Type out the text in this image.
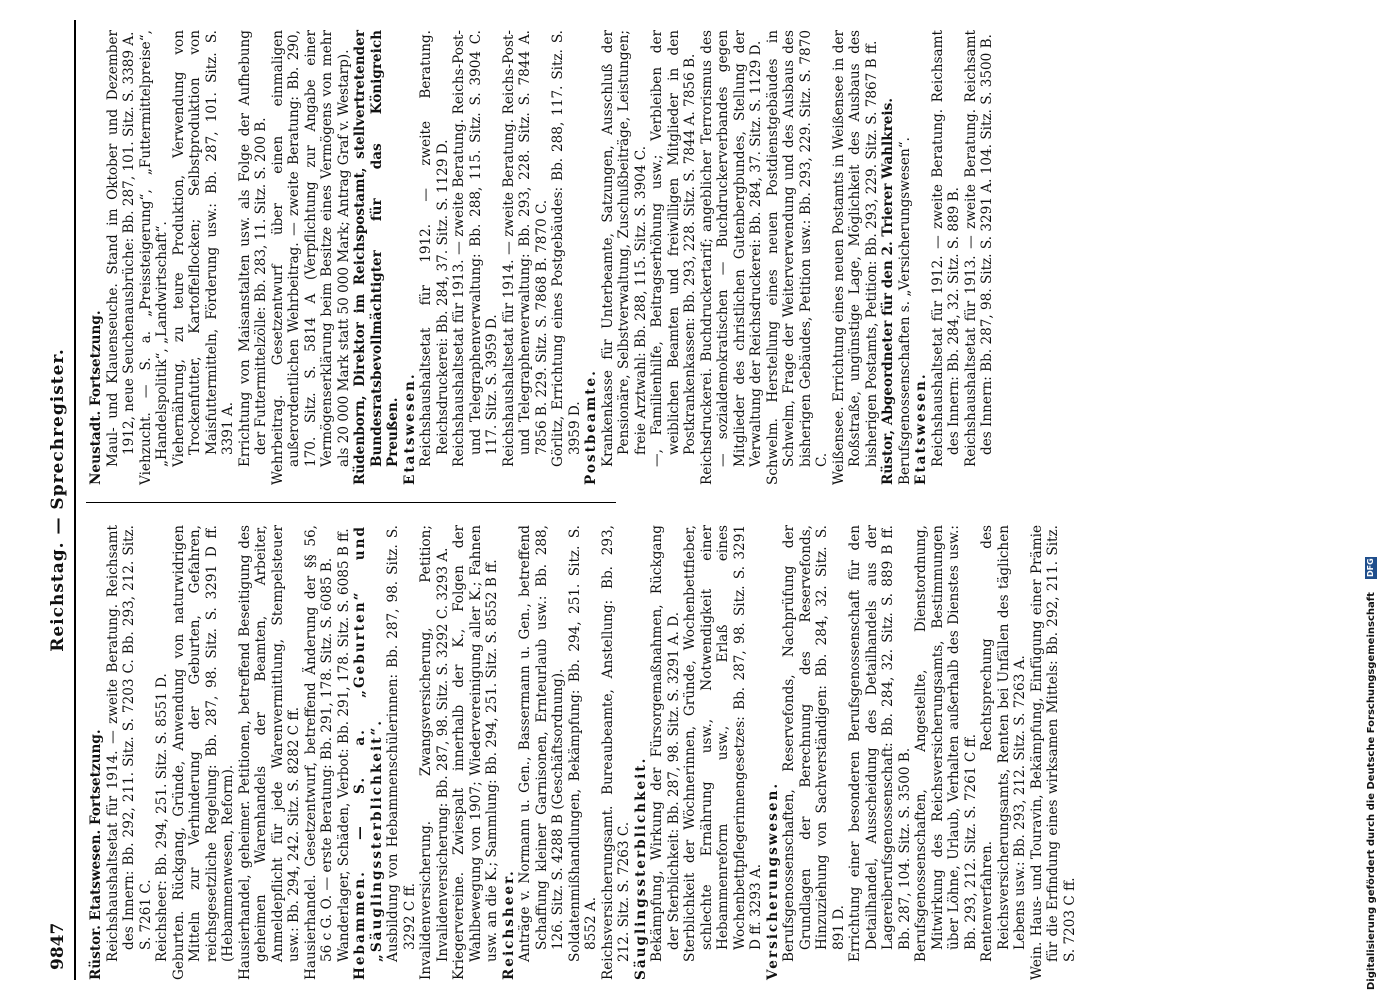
9847
Reichstag. — Sprechregister.
Rüstor. Etatswesen. Fortsetzung. Reichshaushaltsetat für 1914. — zweite Beratung. Reichsamt des Innern: Bb. 292, 211. Sitz. S. 7203 C. Bb. 293, 212. Sitz. S. 7261 C. Reichsheer: Bb. 294, 251. Sitz. S. 8551 D. Geburten. Rückgang, Gründe, Anwendung von naturwidrigen Mitteln zur Verhinderung der Geburten, Gefahren, reichsgesetzliche Regelung: Bb. 287, 98. Sitz. S. 3291 D ff. (Hebammenwesen, Reform). Hausierhandel, geheimer. Petitionen, betreffend Beseitigung des geheimen Warenhandels der Beamten, Arbeiter, Anmeldepflicht für jede Warenvermittlung, Stempelsteuer usw.: Bb. 294, 242. Sitz. S. 8282 C ff. Hausierhandel. Gesetzentwurf, betreffend Änderung der §§ 56, 56 c G. O. — erste Beratung: Bb. 291, 178. Sitz. S. 6085 B. Wanderlager, Schäden, Verbot: Bb. 291, 178. Sitz. S. 6085 B ff. Hebammen. — S. a. „Geburten“ und „Säuglingssterblichkeit“. Ausbildung von Hebammenschülerinnen: Bb. 287, 98. Sitz. S. 3292 C ff. Invalidenversicherung. Zwangsversicherung, Petition; Invalidenversicherung: Bb. 287, 98. Sitz. S. 3292 C. 3293 A. Kriegervereine. Zwiespalt innerhalb der K., Folgen der Wahlbewegung von 1907; Wiedervereinigung aller K.; Fahnen usw. an die K.; Sammlung: Bb. 294, 251. Sitz. S. 8552 B ff. Reichsheer. Anträge v. Normann u. Gen., Bassermann u. Gen., betreffend Schaffung kleiner Garnisonen, Ernteurlaub usw.: Bb. 288, 126. Sitz. S. 4288 B (Geschäftsordnung). Soldatenmißhandlungen, Bekämpfung: Bb. 294, 251. Sitz. S. 8552 A. Reichsversicherungsamt. Bureaubeamte, Anstellung: Bb. 293, 212. Sitz. S. 7263 C. Säuglingssterblichkeit. Bekämpfung, Wirkung der Fürsorgemaßnahmen, Rückgang der Sterblichkeit: Bb. 287, 98. Sitz. S. 3291 A. D. Sterblichkeit der Wöchnerinnen, Gründe, Wochenbettfieber, schlechte Ernährung usw., Notwendigkeit einer Hebammenreform usw., Erlaß eines Wochenbettpflegerinnengesetzes: Bb. 287, 98. Sitz. S. 3291 D ff. 3293 A. Versicherungswesen. Berufsgenossenschaften, Reservefonds, Nachprüfung der Grundlagen der Berechnung des Reservefonds, Hinzuziehung von Sachverständigen: Bb. 284, 32. Sitz. S. 891 D. Errichtung einer besonderen Berufsgenossenschaft für den Detailhandel, Ausscheidung des Detailhandels aus der Lagereiberufsgenossenschaft: Bb. 284, 32. Sitz. S. 889 B ff. Bb. 287, 104. Sitz. S. 3500 B. Berufsgenossenschaften, Angestellte, Dienstordnung, Mitwirkung des Reichsversicherungsamts, Bestimmungen über Löhne, Urlaub, Verhalten außerhalb des Dienstes usw.: Bb. 293, 212. Sitz. S. 7261 C ff. Rentenverfahren. Rechtsprechung des Reichsversicherungsamts, Renten bei Unfällen des täglichen Lebens usw.: Bb. 293, 212. Sitz. S. 7263 A. Wein. Haus- und Touravin, Bekämpfung, Einfügung einer Prämie für die Erfindung eines wirksamen Mittels: Bb. 292, 211. Sitz. S. 7203 C ff.
Neustadt. Fortsetzung. Maul- und Klauenseuche. Stand im Oktober und Dezember 1912, neue Seuchenausbrüche: Bb. 287, 101. Sitz. S. 3389 A. Viehzucht. — S. a. „Preissteigerung“, „Futtermittelpreise“, „Handelspolitik“, „Landwirtschaft“. Viehernährung, zu teure Produktion, Verwendung von Trockenfutter, Kartoffelflocken; Selbstproduktion von Maisfuttermitteln, Förderung usw.: Bb. 287, 101. Sitz. S. 3391 A. Errichtung von Maisanstalten usw. als Folge der Aufhebung der Futtermittelzölle: Bb. 283, 11. Sitz. S. 200 B. Wehrbeitrag. Gesetzentwurf über einen einmaligen außerordentlichen Wehrbeitrag. — zweite Beratung: Bb. 290, 170. Sitz. S. 5814 A (Verpflichtung zur Angabe einer Vermögenserklärung beim Besitze eines Vermögens von mehr als 20 000 Mark statt 50 000 Mark; Antrag Graf v. Westarp). Rüdenborn, Direktor im Reichspostamt, stellvertretender Bundesratsbevollmächtigter für das Königreich Preußen. Etatswesen. Reichshaushaltsetat für 1912. — zweite Beratung. Reichsdruckerei: Bb. 284, 37. Sitz. S. 1129 D. Reichshaushaltsetat für 1913. — zweite Beratung. Reichs-Post- und Telegraphenverwaltung: Bb. 288, 115. Sitz. S. 3904 C. 117. Sitz. S. 3959 D. Reichshaushaltsetat für 1914. — zweite Beratung. Reichs-Post- und Telegraphenverwaltung: Bb. 293, 228. Sitz. S. 7844 A. 7856 B. 229. Sitz. S. 7868 B. 7870 C. Görlitz, Errichtung eines Postgebäudes: Bb. 288, 117. Sitz. S. 3959 D. Postbeamte. Krankenkasse für Unterbeamte, Satzungen, Ausschluß der Pensionäre, Selbstverwaltung, Zuschußbeiträge, Leistungen; freie Arztwahl: Bb. 288, 115. Sitz. S. 3904 C. —, Familienhilfe, Beitragserhöhung usw.; Verbleiben der weiblichen Beamten und freiwilligen Mitglieder in den Postkrankenkassen: Bb. 293, 228. Sitz. S. 7844 A. 7856 B. Reichsdruckerei. Buchdruckertarif; angeblicher Terrorismus des — sozialdemokratischen — Buchdruckerverbandes gegen Mitglieder des christlichen Gutenbergbundes, Stellung der Verwaltung der Reichsdruckerei: Bb. 284, 37. Sitz. S. 1129 D. Schwelm. Herstellung eines neuen Postdienstgebäudes in Schwelm, Frage der Weiterverwendung und des Ausbaus des bisherigen Gebäudes, Petition usw.: Bb. 293, 229. Sitz. S. 7870 C. Weißensee. Errichtung eines neuen Postamts in Weißensee in der Roßstraße, ungünstige Lage, Möglichkeit des Ausbaus des bisherigen Postamts, Petition: Bb. 293, 229. Sitz. S. 7867 B ff. Rüstor, Abgeordneter für den 2. Trierer Wahlkreis. Berufsgenossenschaften s. „Versicherungswesen“. Etatswesen. Reichshaushaltsetat für 1912. — zweite Beratung. Reichsamt des Innern: Bb. 284, 32. Sitz. S. 889 B. Reichshaushaltsetat für 1913. — zweite Beratung. Reichsamt des Innern: Bb. 287, 98. Sitz. S. 3291 A. 104. Sitz. S. 3500 B.
Digitalisierung gefördert durch die Deutsche Forschungsgemeinschaft DFG
